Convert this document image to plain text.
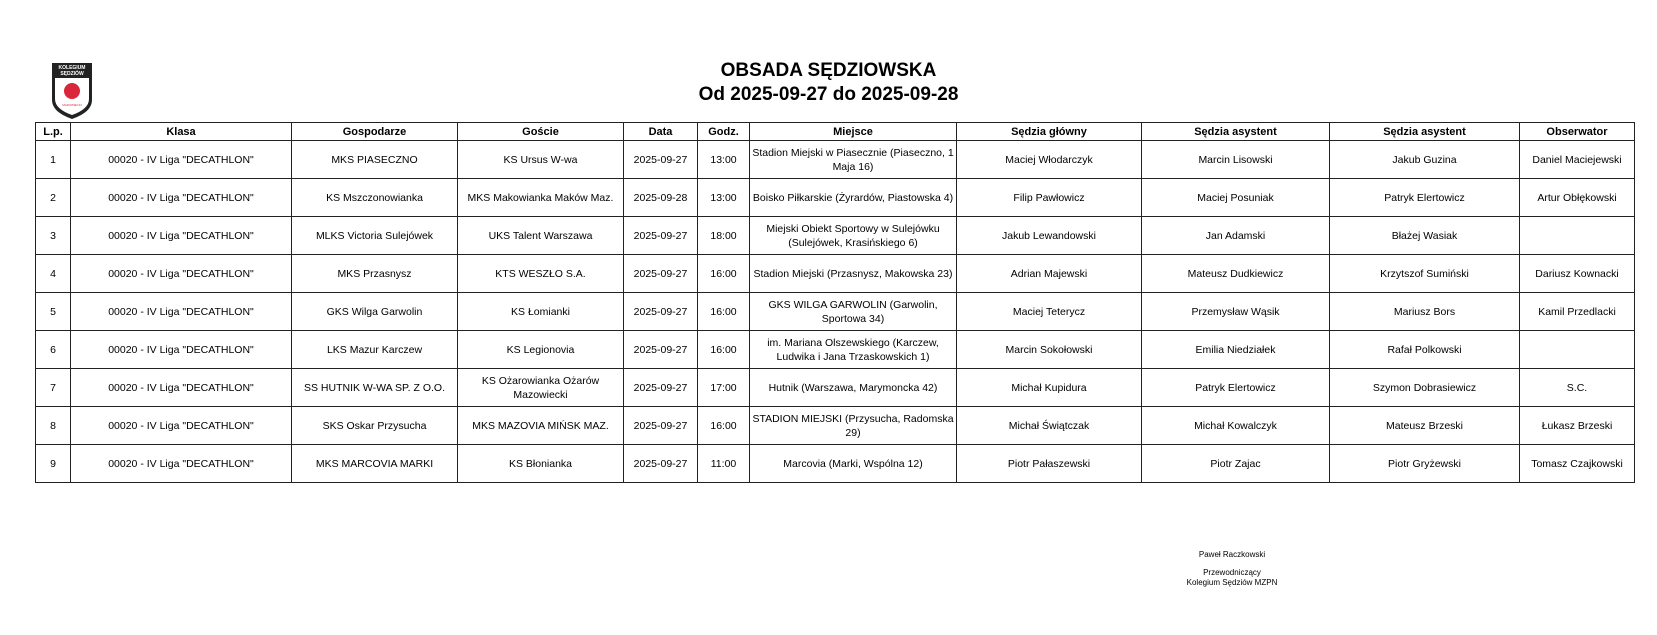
KOLEGIUM
SĘDZIÓW
MAZOWIECKI
OBSADA SĘDZIOWSKA
Od 2025-09-27 do 2025-09-28
L.p.	Klasa	Gospodarze	Goście	Data	Godz.	Miejsce	Sędzia główny	Sędzia asystent	Sędzia asystent	Obserwator
1	00020 - IV Liga "DECATHLON"	MKS PIASECZNO	KS Ursus W-wa	2025-09-27	13:00	Stadion Miejski w Piasecznie (Piaseczno, 1 Maja 16)	Maciej Włodarczyk	Marcin Lisowski	Jakub Guzina	Daniel Maciejewski
2	00020 - IV Liga "DECATHLON"	KS Mszczonowianka	MKS Makowianka Maków Maz.	2025-09-28	13:00	Boisko Piłkarskie (Żyrardów, Piastowska 4)	Filip Pawłowicz	Maciej Posuniak	Patryk Elertowicz	Artur Obłękowski
3	00020 - IV Liga "DECATHLON"	MLKS Victoria Sulejówek	UKS Talent Warszawa	2025-09-27	18:00	Miejski Obiekt Sportowy w Sulejówku (Sulejówek, Krasińskiego 6)	Jakub Lewandowski	Jan Adamski	Błażej Wasiak	
4	00020 - IV Liga "DECATHLON"	MKS Przasnysz	KTS WESZŁO S.A.	2025-09-27	16:00	Stadion Miejski (Przasnysz, Makowska 23)	Adrian Majewski	Mateusz Dudkiewicz	Krzytszof Sumiński	Dariusz Kownacki
5	00020 - IV Liga "DECATHLON"	GKS Wilga Garwolin	KS Łomianki	2025-09-27	16:00	GKS WILGA GARWOLIN (Garwolin, Sportowa 34)	Maciej Teterycz	Przemysław Wąsik	Mariusz Bors	Kamil Przedlacki
6	00020 - IV Liga "DECATHLON"	LKS Mazur Karczew	KS Legionovia	2025-09-27	16:00	im. Mariana Olszewskiego (Karczew, Ludwika i Jana Trzaskowskich 1)	Marcin Sokołowski	Emilia Niedziałek	Rafał Polkowski	
7	00020 - IV Liga "DECATHLON"	SS HUTNIK W-WA SP. Z O.O.	KS Ożarowianka Ożarów Mazowiecki	2025-09-27	17:00	Hutnik (Warszawa, Marymoncka 42)	Michał Kupidura	Patryk Elertowicz	Szymon Dobrasiewicz	S.C.
8	00020 - IV Liga "DECATHLON"	SKS Oskar Przysucha	MKS MAZOVIA MIŃSK MAZ.	2025-09-27	16:00	STADION MIEJSKI (Przysucha, Radomska 29)	Michał Świątczak	Michał Kowalczyk	Mateusz Brzeski	Łukasz Brzeski
9	00020 - IV Liga "DECATHLON"	MKS MARCOVIA MARKI	KS Błonianka	2025-09-27	11:00	Marcovia (Marki, Wspólna 12)	Piotr Pałaszewski	Piotr Zajac	Piotr Gryżewski	Tomasz Czajkowski
Paweł Raczkowski
Przewodniczący
Kolegium Sędziów MZPN
